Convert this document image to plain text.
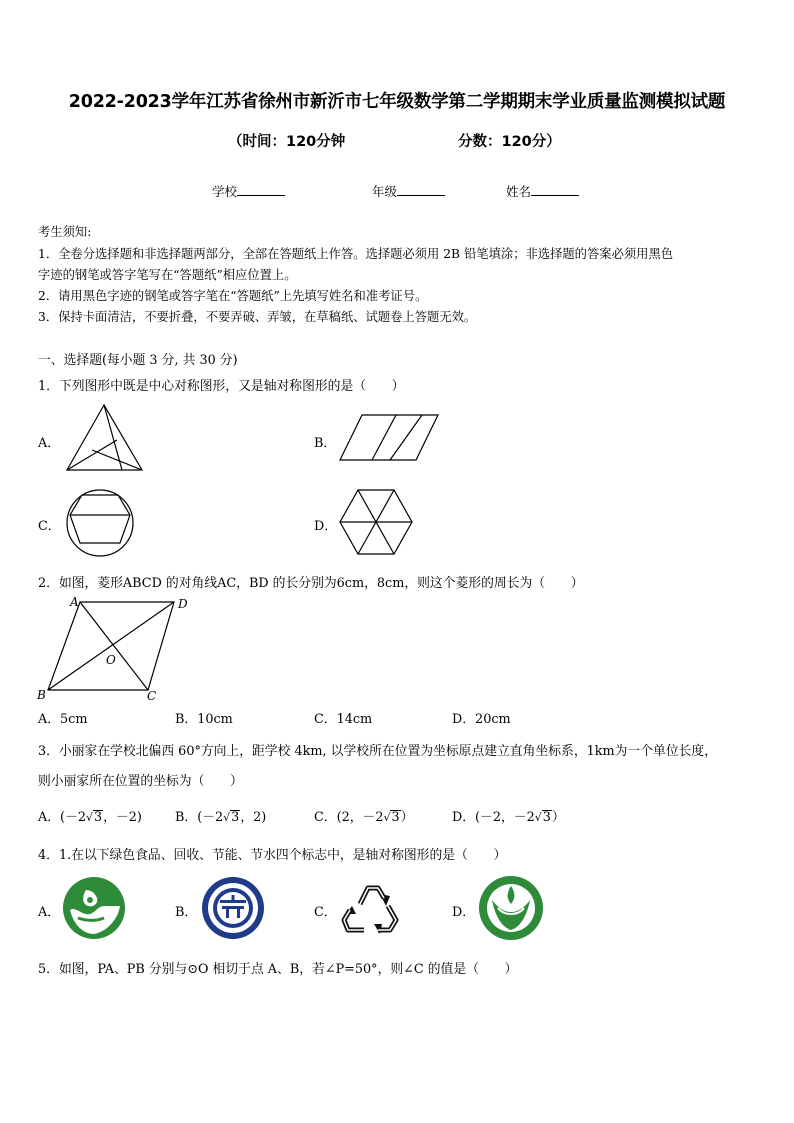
2022-2023学年江苏省徐州市新沂市七年级数学第二学期期末学业质量监测模拟试题
（时间：120分钟	分数：120分）
学校	年级	姓名
考生须知:
1．全卷分选择题和非选择题两部分，全部在答题纸上作答。选择题必须用 2B 铅笔填涂；非选择题的答案必须用黑色
字迹的钢笔或答字笔写在“答题纸”相应位置上。
2．请用黑色字迹的钢笔或答字笔在“答题纸”上先填写姓名和准考证号。
3．保持卡面清洁，不要折叠，不要弄破、弄皱，在草稿纸、试题卷上答题无效。
一、选择题(每小题 3 分, 共 30 分)
1．下列图形中既是中心对称图形，又是轴对称图形的是（　　）
A．	B．
C．	D．
2．如图，菱形ABCD 的对角线AC，BD 的长分别为6cm，8cm，则这个菱形的周长为（　　）
A	D
O
B	C
A．5cm	B．10cm	C．14cm	D．20cm
3．小丽家在学校北偏西 60°方向上，距学校 4km, 以学校所在位置为坐标原点建立直角坐标系，1km为一个单位长度，
则小丽家所在位置的坐标为（　　）
A．(－2√3，－2)	B．(－2√3，2)	C．(2，－2√3）	D．(－2，－2√3）
4．1.在以下绿色食品、回收、节能、节水四个标志中，是轴对称图形的是（　　）
A．	B．	C．	D．
5．如图，PA、PB 分别与⊙O 相切于点 A、B，若∠P=50°，则∠C 的值是（　　）
